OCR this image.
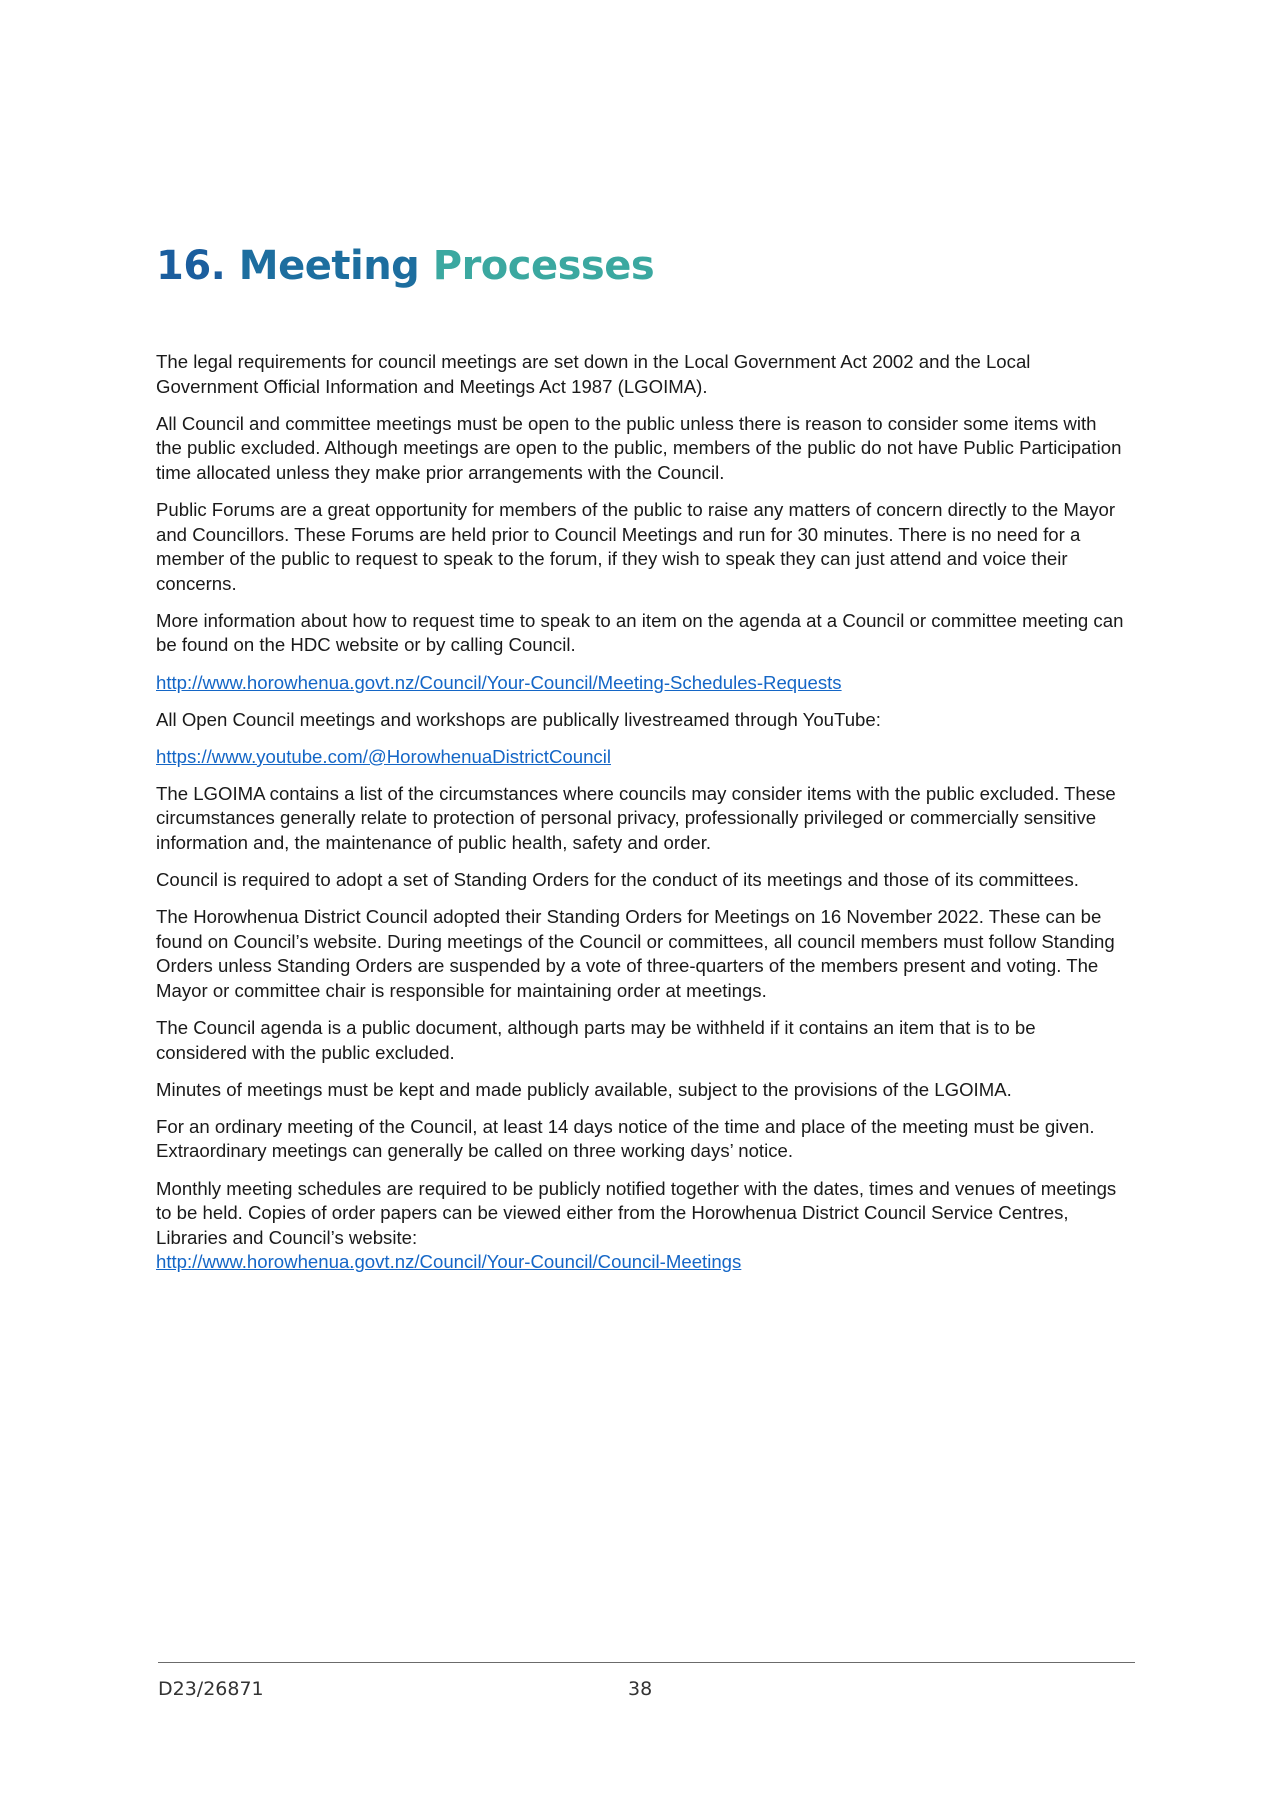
16. Meeting Processes

The legal requirements for council meetings are set down in the Local Government Act 2002 and the Local Government Official Information and Meetings Act 1987 (LGOIMA).

All Council and committee meetings must be open to the public unless there is reason to consider some items with the public excluded. Although meetings are open to the public, members of the public do not have Public Participation time allocated unless they make prior arrangements with the Council.

Public Forums are a great opportunity for members of the public to raise any matters of concern directly to the Mayor and Councillors. These Forums are held prior to Council Meetings and run for 30 minutes. There is no need for a member of the public to request to speak to the forum, if they wish to speak they can just attend and voice their concerns.

More information about how to request time to speak to an item on the agenda at a Council or committee meeting can be found on the HDC website or by calling Council.

http://www.horowhenua.govt.nz/Council/Your-Council/Meeting-Schedules-Requests

All Open Council meetings and workshops are publically livestreamed through YouTube:

https://www.youtube.com/@HorowhenuaDistrictCouncil

The LGOIMA contains a list of the circumstances where councils may consider items with the public excluded. These circumstances generally relate to protection of personal privacy, professionally privileged or commercially sensitive information and, the maintenance of public health, safety and order.

Council is required to adopt a set of Standing Orders for the conduct of its meetings and those of its committees.

The Horowhenua District Council adopted their Standing Orders for Meetings on 16 November 2022. These can be found on Council’s website. During meetings of the Council or committees, all council members must follow Standing Orders unless Standing Orders are suspended by a vote of three-quarters of the members present and voting. The Mayor or committee chair is responsible for maintaining order at meetings.

The Council agenda is a public document, although parts may be withheld if it contains an item that is to be considered with the public excluded.

Minutes of meetings must be kept and made publicly available, subject to the provisions of the LGOIMA.

For an ordinary meeting of the Council, at least 14 days notice of the time and place of the meeting must be given. Extraordinary meetings can generally be called on three working days’ notice.

Monthly meeting schedules are required to be publicly notified together with the dates, times and venues of meetings to be held. Copies of order papers can be viewed either from the Horowhenua District Council Service Centres, Libraries and Council’s website:
http://www.horowhenua.govt.nz/Council/Your-Council/Council-Meetings

D23/26871	38
